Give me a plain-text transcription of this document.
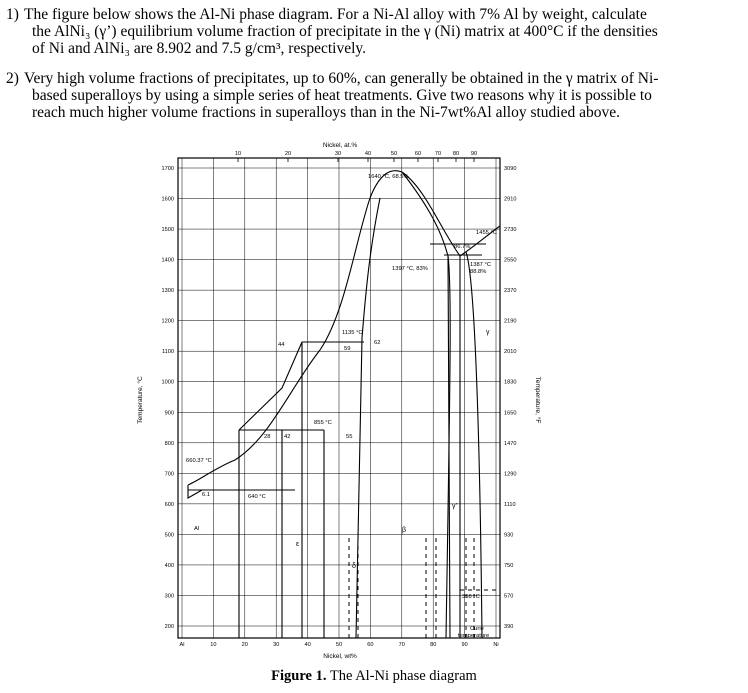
1) The figure below shows the Al-Ni phase diagram. For a Ni-Al alloy with 7% Al by weight, calculate
the AlNi₃ (γ’) equilibrium volume fraction of precipitate in the γ (Ni) matrix at 400°C if the densities
of Ni and AlNi₃ are 8.902 and 7.5 g/cm³, respectively.
2) Very high volume fractions of precipitates, up to 60%, can generally be obtained in the γ matrix of Ni-
based superalloys by using a simple series of heat treatments. Give two reasons why it is possible to
reach much higher volume fractions in superalloys than in the Ni-7wt%Al alloy studied above.
Nickel, at.%
Nickel, wt%
Temperature, °C	Temperature, °F
1700	3090
1600	2910
1500	2730
1400	2550
1300	2370
1200	2190
1100	2010
1000	1830
900	1650
800	1470
700	1290
600	1110
500	930
400	750
300	570
200	390
Al	10	20	30	40	50	60	70	80	90	Ni
10	20	30	40	50	60 70 80 90
1640 °C, 68.5%
1455 °C
86.7%
1397 °C, 83%
1387 °C
88.8%
1135 °C
59
62
44
855 °C
55
28 42
660.37 °C
6.1	640 °C
Al
γ
γ’
β
δ
ε
358 °C
Curie
temperature
Figure 1. The Al-Ni phase diagram
